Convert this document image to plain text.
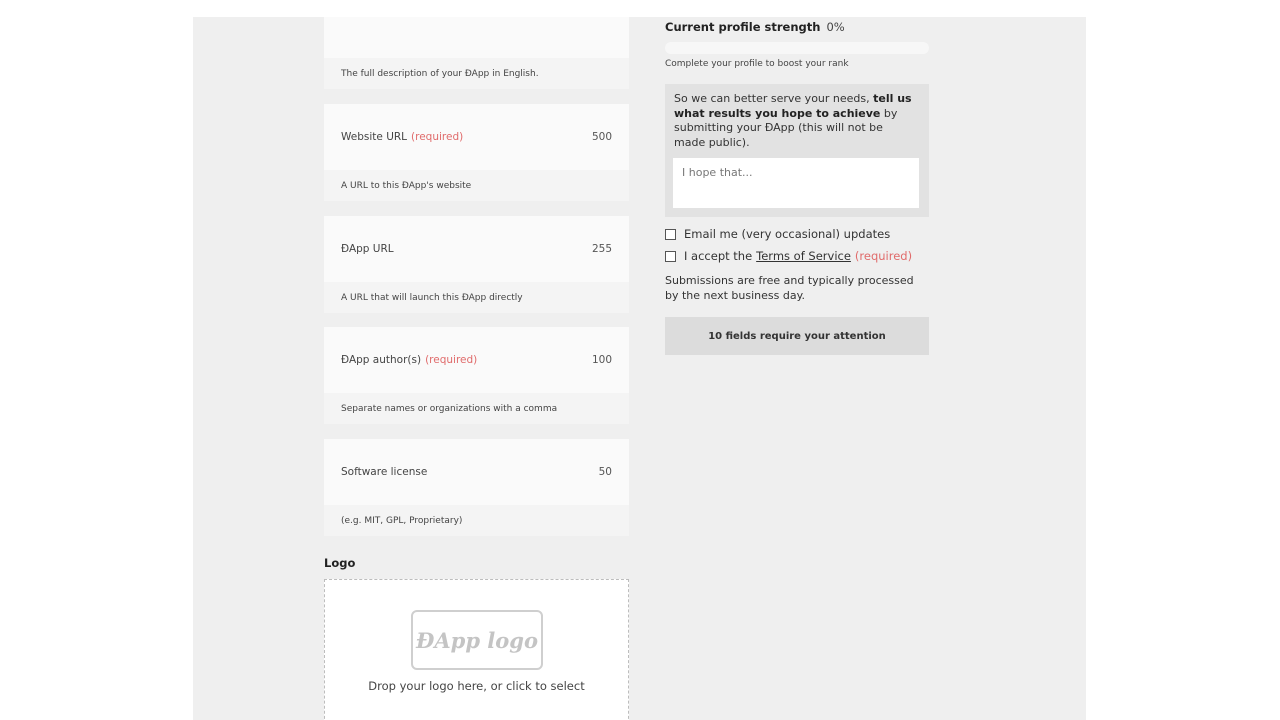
The full description of your ĐApp in English.
Website URL (required)	500
A URL to this ĐApp's website
ĐApp URL	255
A URL that will launch this ĐApp directly
ĐApp author(s) (required)	100
Separate names or organizations with a comma
Software license	50
(e.g. MIT, GPL, Proprietary)
Logo
ĐApp logo
Drop your logo here, or click to select
Current profile strength 0%
Complete your profile to boost your rank
So we can better serve your needs, tell us what results you hope to achieve by submitting your ĐApp (this will not be made public).
I hope that...
Email me (very occasional) updates
I accept the Terms of Service (required)
Submissions are free and typically processed by the next business day.
10 fields require your attention
